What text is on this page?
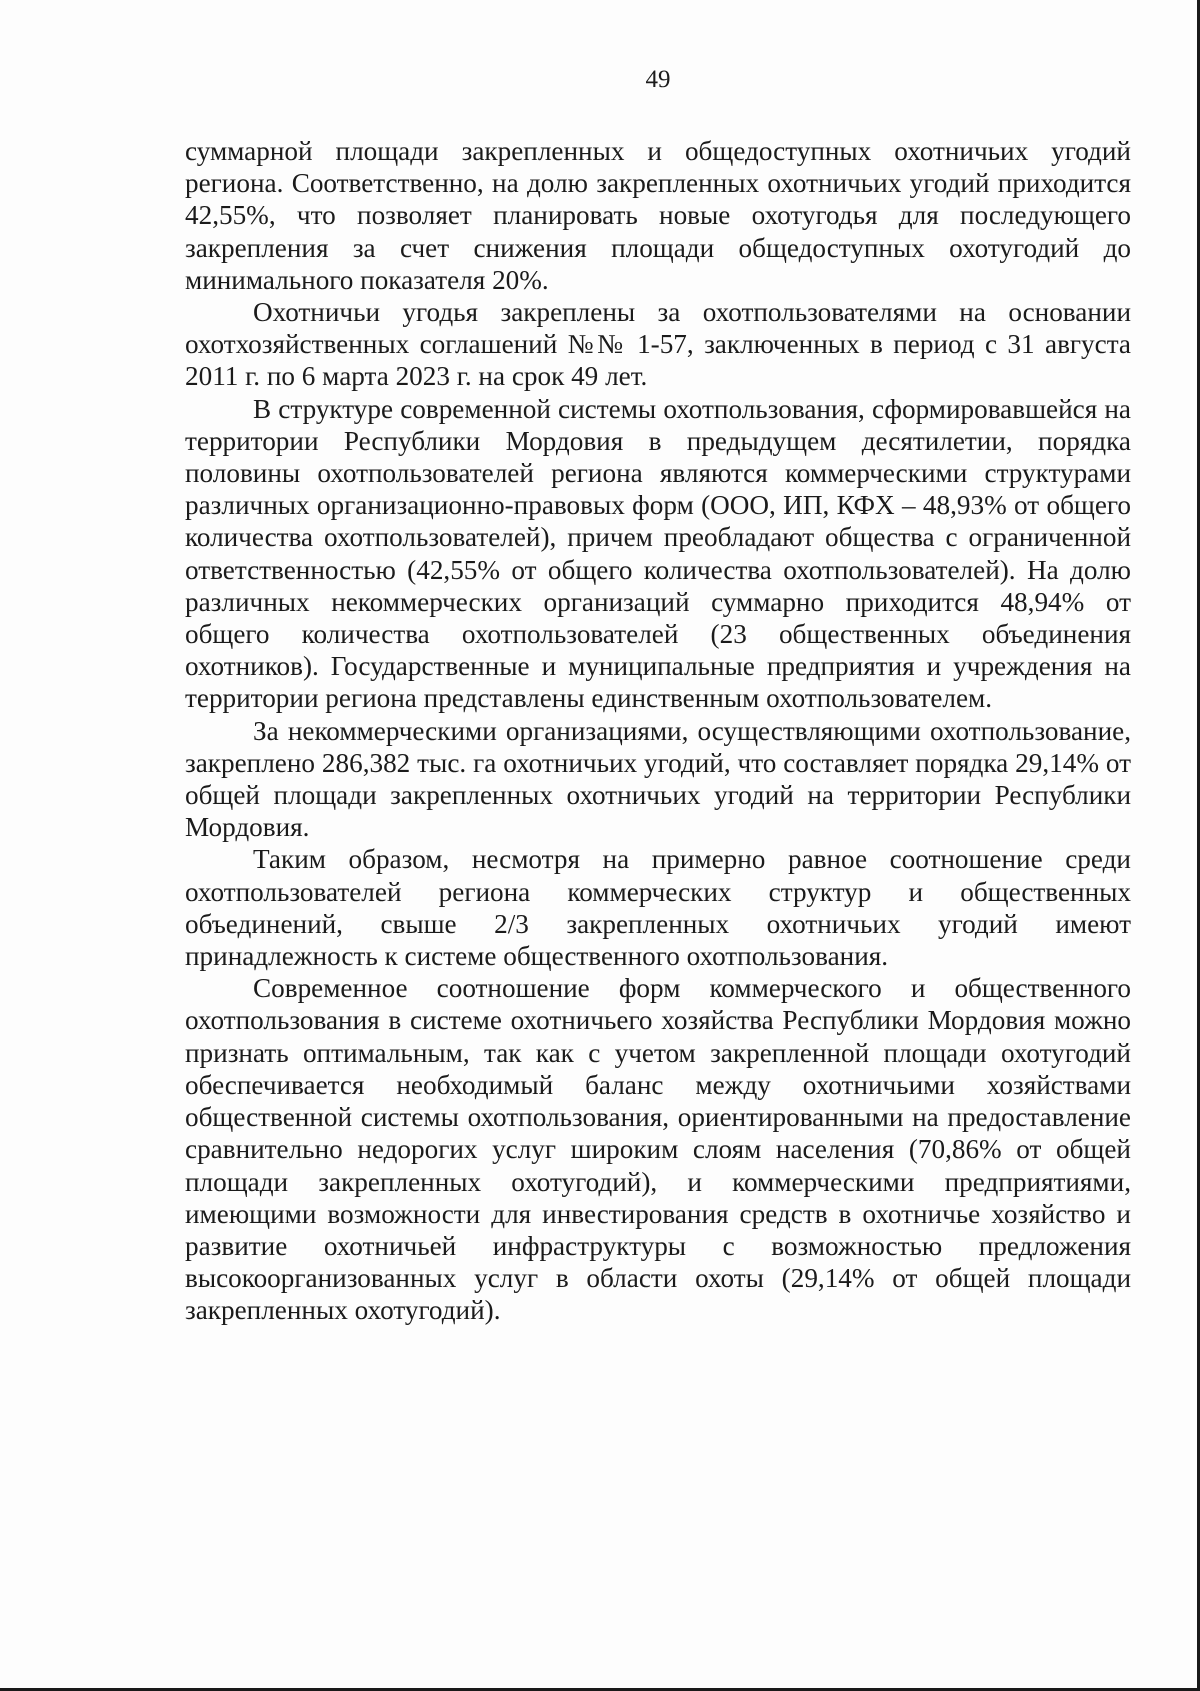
49

суммарной площади закрепленных и общедоступных охотничьих угодий региона. Соответственно, на долю закрепленных охотничьих угодий приходится 42,55%, что позволяет планировать новые охотугодья для последующего закрепления за счет снижения площади общедоступных охотугодий до минимального показателя 20%.

Охотничьи угодья закреплены за охотпользователями на основании охотхозяйственных соглашений №№ 1-57, заключенных в период с 31 августа 2011 г. по 6 марта 2023 г. на срок 49 лет.

В структуре современной системы охотпользования, сформировавшейся на территории Республики Мордовия в предыдущем десятилетии, порядка половины охотпользователей региона являются коммерческими структурами различных организационно-правовых форм (ООО, ИП, КФХ – 48,93% от общего количества охотпользователей), причем преобладают общества с ограниченной ответственностью (42,55% от общего количества охотпользователей). На долю различных некоммерческих организаций суммарно приходится 48,94% от общего количества охотпользователей (23 общественных объединения охотников). Государственные и муниципальные предприятия и учреждения на территории региона представлены единственным охотпользователем.

За некоммерческими организациями, осуществляющими охотпользование, закреплено 286,382 тыс. га охотничьих угодий, что составляет порядка 29,14% от общей площади закрепленных охотничьих угодий на территории Республики Мордовия.

Таким образом, несмотря на примерно равное соотношение среди охотпользователей региона коммерческих структур и общественных объединений, свыше 2/3 закрепленных охотничьих угодий имеют принадлежность к системе общественного охотпользования.

Современное соотношение форм коммерческого и общественного охотпользования в системе охотничьего хозяйства Республики Мордовия можно признать оптимальным, так как с учетом закрепленной площади охотугодий обеспечивается необходимый баланс между охотничьими хозяйствами общественной системы охотпользования, ориентированными на предоставление сравнительно недорогих услуг широким слоям населения (70,86% от общей площади закрепленных охотугодий), и коммерческими предприятиями, имеющими возможности для инвестирования средств в охотничье хозяйство и развитие охотничьей инфраструктуры с возможностью предложения высокоорганизованных услуг в области охоты (29,14% от общей площади закрепленных охотугодий).
